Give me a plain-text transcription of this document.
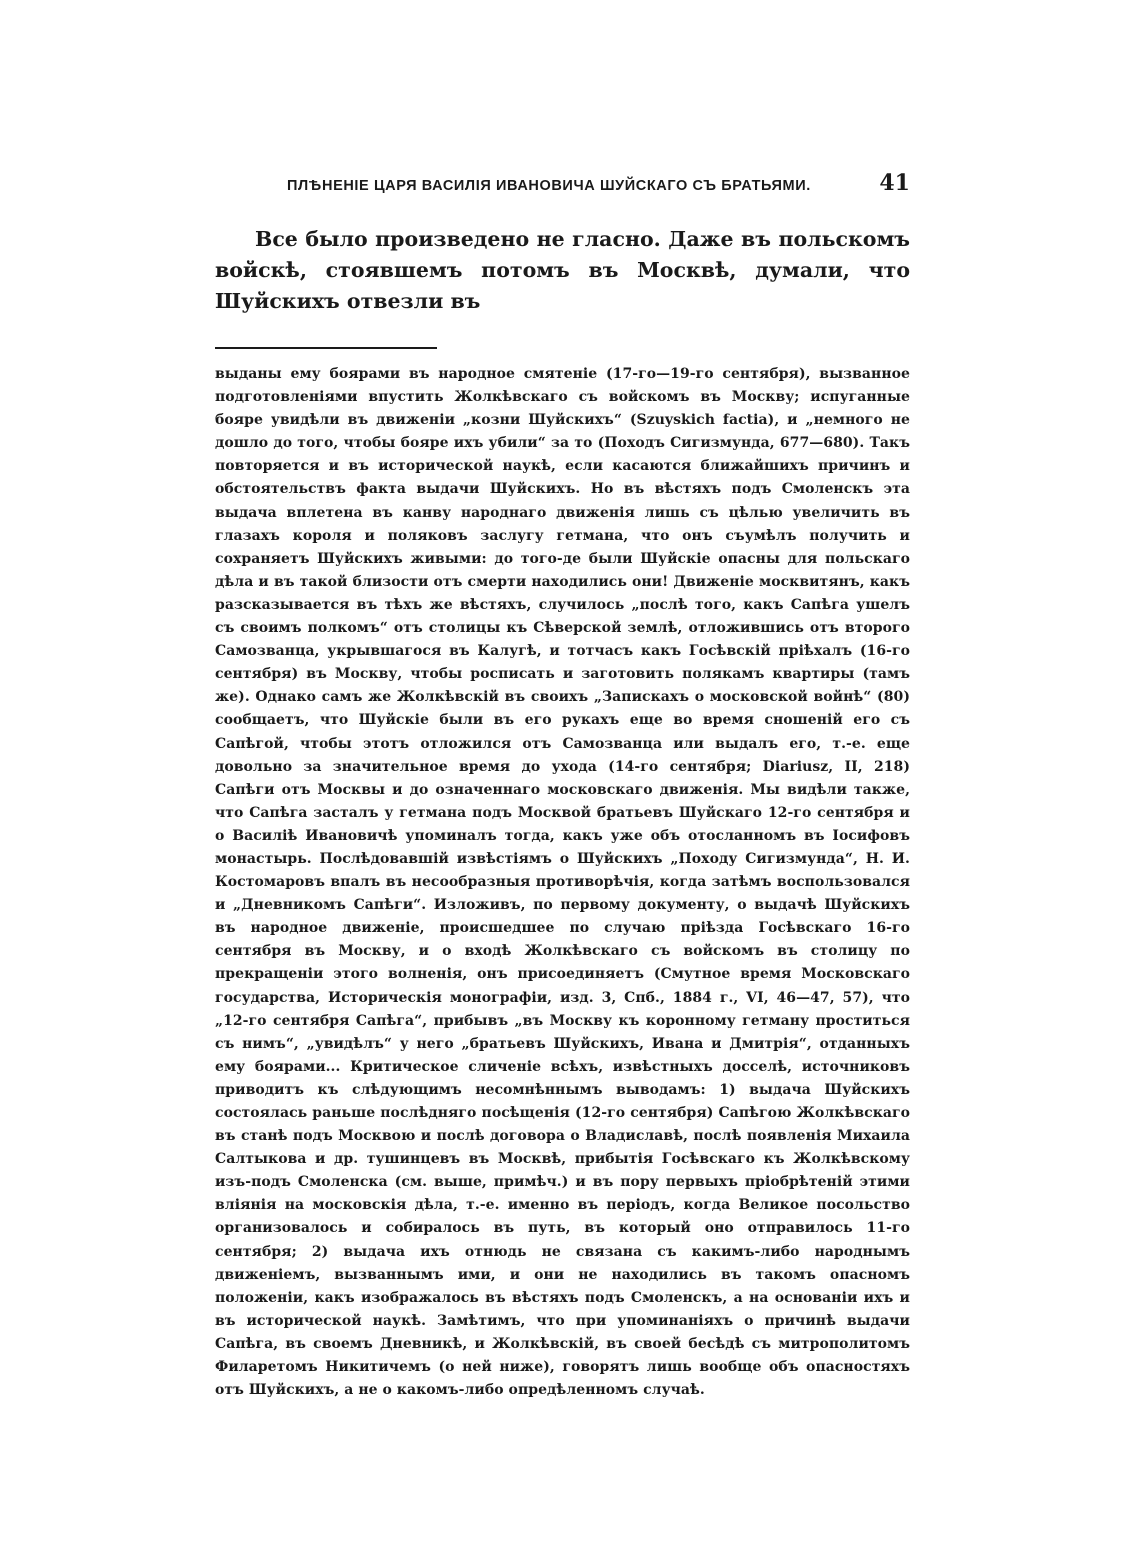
ПЛѢНЕНІЕ ЦАРЯ ВАСИЛІЯ ИВАНОВИЧА ШУЙСКАГО СЪ БРАТЬЯМИ.	41

Все было произведено не гласно. Даже въ польскомъ войскѣ, стоявшемъ потомъ въ Москвѣ, думали, что Шуйскихъ отвезли въ

выданы ему боярами въ народное смятеніе (17-го—19-го сентября), вызванное подготовленіями впустить Жолкѣвскаго съ войскомъ въ Москву; испуганные бояре увидѣли въ движеніи „козни Шуйскихъ“ (Szuyskich factia), и „немного не дошло до того, чтобы бояре ихъ убили“ за то (Походъ Сигизмунда, 677—680). Такъ повторяется и въ исторической наукѣ, если касаются ближайшихъ причинъ и обстоятельствъ факта выдачи Шуйскихъ. Но въ вѣстяхъ подъ Смоленскъ эта выдача вплетена въ канву народнаго движенія лишь съ цѣлью увеличить въ глазахъ короля и поляковъ заслугу гетмана, что онъ съумѣлъ получить и сохраняетъ Шуйскихъ живыми: до того-де были Шуйскіе опасны для польскаго дѣла и въ такой близости отъ смерти находились они! Движеніе москвитянъ, какъ разсказывается въ тѣхъ же вѣстяхъ, случилось „послѣ того, какъ Сапѣга ушелъ съ своимъ полкомъ“ отъ столицы къ Сѣверской землѣ, отложившись отъ второго Самозванца, укрывшагося въ Калугѣ, и тотчасъ какъ Госѣвскій пріѣхалъ (16-го сентября) въ Москву, чтобы росписать и заготовить полякамъ квартиры (тамъ же). Однако самъ же Жолкѣвскій въ своихъ „Запискахъ о московской войнѣ“ (80) сообщаетъ, что Шуйскіе были въ его рукахъ еще во время сношеній его съ Сапѣгой, чтобы этотъ отложился отъ Самозванца или выдалъ его, т.-е. еще довольно за значительное время до ухода (14-го сентября; Diariusz, II, 218) Сапѣги отъ Москвы и до означеннаго московскаго движенія. Мы видѣли также, что Сапѣга засталъ у гетмана подъ Москвой братьевъ Шуйскаго 12-го сентября и о Василіѣ Ивановичѣ упоминалъ тогда, какъ уже объ отосланномъ въ Іосифовъ монастырь. Послѣдовавшій извѣстіямъ о Шуйскихъ „Походу Сигизмунда“, Н. И. Костомаровъ впалъ въ несообразныя противорѣчія, когда затѣмъ воспользовался и „Дневникомъ Сапѣги“. Изложивъ, по первому документу, о выдачѣ Шуйскихъ въ народное движеніе, происшедшее по случаю пріѣзда Госѣвскаго 16-го сентября въ Москву, и о входѣ Жолкѣвскаго съ войскомъ въ столицу по прекращеніи этого волненія, онъ присоединяетъ (Смутное время Московскаго государства, Историческія монографіи, изд. 3, Спб., 1884 г., VI, 46—47, 57), что „12-го сентября Сапѣга“, прибывъ „въ Москву къ коронному гетману проститься съ нимъ“, „увидѣлъ“ у него „братьевъ Шуйскихъ, Ивана и Дмитрія“, отданныхъ ему боярами... Критическое сличеніе всѣхъ, извѣстныхъ досселѣ, источниковъ приводитъ къ слѣдующимъ несомнѣннымъ выводамъ: 1) выдача Шуйскихъ состоялась раньше послѣдняго посѣщенія (12-го сентября) Сапѣгою Жолкѣвскаго въ станѣ подъ Москвою и послѣ договора о Владиславѣ, послѣ появленія Михаила Салтыкова и др. тушинцевъ въ Москвѣ, прибытія Госѣвскаго къ Жолкѣвскому изъ-подъ Смоленска (см. выше, примѣч.) и въ пору первыхъ пріобрѣтеній этими вліянія на московскія дѣла, т.-е. именно въ періодъ, когда Великое посольство организовалось и собиралось въ путь, въ который оно отправилось 11-го сентября; 2) выдача ихъ отнюдь не связана съ какимъ-либо народнымъ движеніемъ, вызваннымъ ими, и они не находились въ такомъ опасномъ положеніи, какъ изображалось въ вѣстяхъ подъ Смоленскъ, а на основаніи ихъ и въ исторической наукѣ. Замѣтимъ, что при упоминаніяхъ о причинѣ выдачи Сапѣга, въ своемъ Дневникѣ, и Жолкѣвскій, въ своей бесѣдѣ съ митрополитомъ Филаретомъ Никитичемъ (о ней ниже), говорятъ лишь вообще объ опасностяхъ отъ Шуйскихъ, а не о какомъ-либо опредѣленномъ случаѣ.
